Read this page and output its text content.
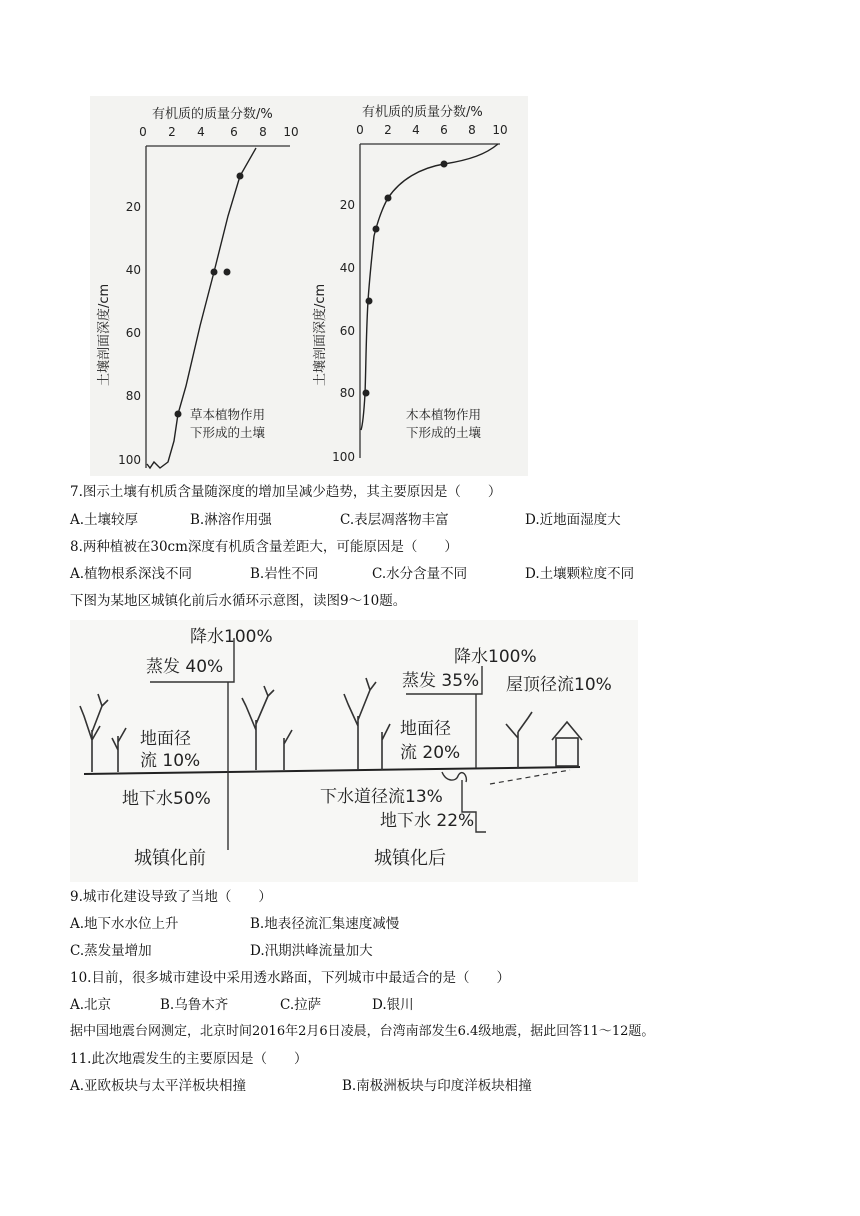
有机质的质量分数/%
0 2 4 6 8 10
20
40
60
80
100
土壤剖面深度/cm
草本植物作用
下形成的土壤
有机质的质量分数/%
0 2 4 6 8 10
20
40
60
80
100
土壤剖面深度/cm
木本植物作用
下形成的土壤
7.图示土壤有机质含量随深度的增加呈减少趋势，其主要原因是（　　）
A.土壤较厚	B.淋溶作用强	C.表层凋落物丰富	D.近地面湿度大
8.两种植被在30cm深度有机质含量差距大，可能原因是（　　）
A.植物根系深浅不同	B.岩性不同	C.水分含量不同	D.土壤颗粒度不同
下图为某地区城镇化前后水循环示意图，读图9～10题。
降水100%
蒸发 40%
地面径
流 10%
地下水50%
城镇化前
降水100%
蒸发 35% 屋顶径流10%
地面径
流 20%
下水道径流13%
地下水 22%
城镇化后
9.城市化建设导致了当地（　　）
A.地下水水位上升	B.地表径流汇集速度减慢
C.蒸发量增加	D.汛期洪峰流量加大
10.目前，很多城市建设中采用透水路面，下列城市中最适合的是（　　）
A.北京	B.乌鲁木齐	C.拉萨	D.银川
据中国地震台网测定，北京时间2016年2月6日凌晨，台湾南部发生6.4级地震，据此回答11～12题。
11.此次地震发生的主要原因是（　　）
A.亚欧板块与太平洋板块相撞	B.南极洲板块与印度洋板块相撞
